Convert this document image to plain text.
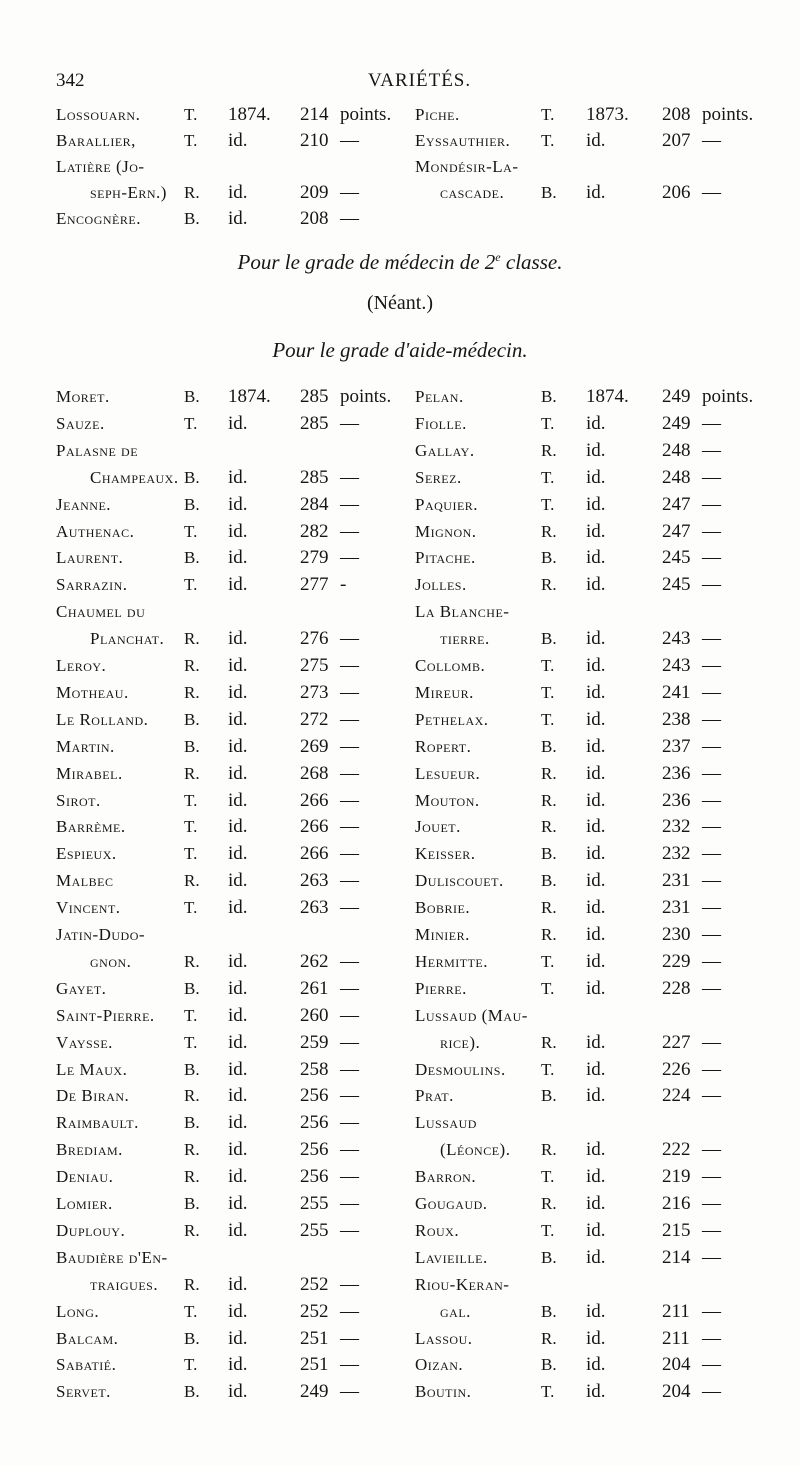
342	VARIÉTÉS.
Lossouarn.	T. 1874. 214 points.
Barallier,	T. id.	210 —
Latière (Jo-
seph-Ern.) R. id.	209 —
Encognère.	B. id.	208 —
Piche.	T. 1873. 208 points.
Eyssauthier. T. id.	207 —
Mondésir-La-
cascade. B. id.	206 —
Pour le grade de médecin de 2e classe.
(Néant.)
Pour le grade d'aide-médecin.
Moret.	B. 1874. 285 points.
Sauze.	T. id.	285 —
Palasne de
Champeaux. B. id.	285 —
Jeanne.	B. id.	284 —
Authenac.	T. id.	282 —
Laurent.	B. id.	279 —
Sarrazin.	T. id.	277 -
Chaumel du
Planchat. R. id.	276 —
Leroy.	R. id.	275 —
Motheau.	R. id.	273 —
Le Rolland. B. id.	272 —
Martin.	B. id.	269 —
Mirabel.	R. id.	268 —
Sirot.	T. id.	266 —
Barrème.	T. id.	266 —
Espieux.	T. id.	266 —
Malbec	R. id.	263 —
Vincent.	T. id.	263 —
Jatin-Dudo-
gnon.	R. id.	262 —
Gayet.	B. id.	261 —
Saint-Pierre. T. id.	260 —
Vaysse.	T. id.	259 —
Le Maux.	B. id.	258 —
De Biran.	R. id.	256 —
Raimbault.	B. id.	256 —
Brediam.	R. id.	256 —
Deniau.	R. id.	256 —
Lomier.	B. id.	255 —
Duplouy.	R. id.	255 —
Baudière d'En-
traigues. R. id.	252 —
Long.	T. id.	252 —
Balcam.	B. id.	251 —
Sabatié.	T. id.	251 —
Servet.	B. id.	249 —
Pelan.	B. 1874. 249 points.
Fiolle.	T. id.	249 —
Gallay.	R. id.	248 —
Serez.	T. id.	248 —
Paquier.	T. id.	247 —
Mignon.	R. id.	247 —
Pitache.	B. id.	245 —
Jolles.	R. id.	245 —
La Blanche-
tierre.	B. id.	243 —
Collomb.	T. id.	243 —
Mireur.	T. id.	241 —
Pethelax.	T. id.	238 —
Ropert.	B. id.	237 —
Lesueur.	R. id.	236 —
Mouton.	R. id.	236 —
Jouet.	R. id.	232 —
Keisser.	B. id.	232 —
Duliscouet. B. id.	231 —
Bobrie.	R. id.	231 —
Minier.	R. id.	230 —
Hermitte.	T. id.	229 —
Pierre.	T. id.	228 —
Lussaud (Mau-
rice).	R. id.	227 —
Desmoulins. T. id.	226 —
Prat.	B. id.	224 —
Lussaud
(Léonce). R. id.	222 —
Barron.	T. id.	219 —
Gougaud.	R. id.	216 —
Roux.	T. id.	215 —
Lavieille.	B. id.	214 —
Riou-Keran-
gal.	B. id.	211 —
Lassou.	R. id.	211 —
Oizan.	B. id.	204 —
Boutin.	T. id.	204 —
